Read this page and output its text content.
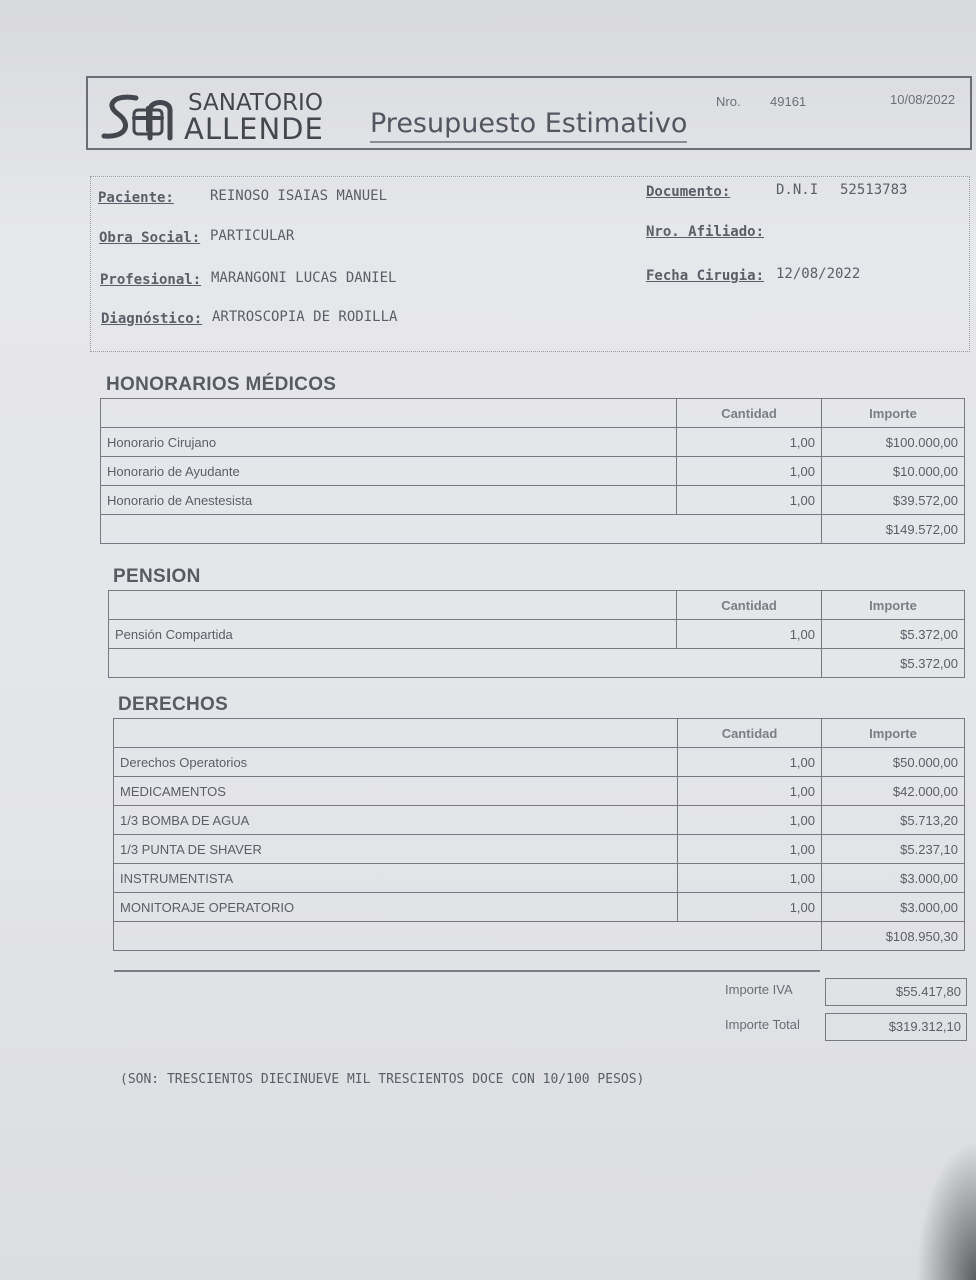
SANATORIO
ALLENDE Presupuesto Estimativo
Nro. 49161	10/08/2022
Paciente:	REINOSO ISAIAS MANUEL
Obra Social: PARTICULAR
Profesional: MARANGONI LUCAS DANIEL
Diagnóstico: ARTROSCOPIA DE RODILLA
Documento:	D.N.I 52513783
Nro. Afiliado:
Fecha Cirugia: 12/08/2022
HONORARIOS MÉDICOS
	Cantidad	Importe
Honorario Cirujano	1,00	$100.000,00
Honorario de Ayudante	1,00	$10.000,00
Honorario de Anestesista	1,00	$39.572,00
		$149.572,00
PENSION
	Cantidad	Importe
Pensión Compartida	1,00	$5.372,00
		$5.372,00
DERECHOS
	Cantidad	Importe
Derechos Operatorios	1,00	$50.000,00
MEDICAMENTOS	1,00	$42.000,00
1/3 BOMBA DE AGUA	1,00	$5.713,20
1/3 PUNTA DE SHAVER	1,00	$5.237,10
INSTRUMENTISTA	1,00	$3.000,00
MONITORAJE OPERATORIO	1,00	$3.000,00
		$108.950,30
Importe IVA	$55.417,80
Importe Total	$319.312,10
(SON: TRESCIENTOS DIECINUEVE MIL TRESCIENTOS DOCE CON 10/100 PESOS)
